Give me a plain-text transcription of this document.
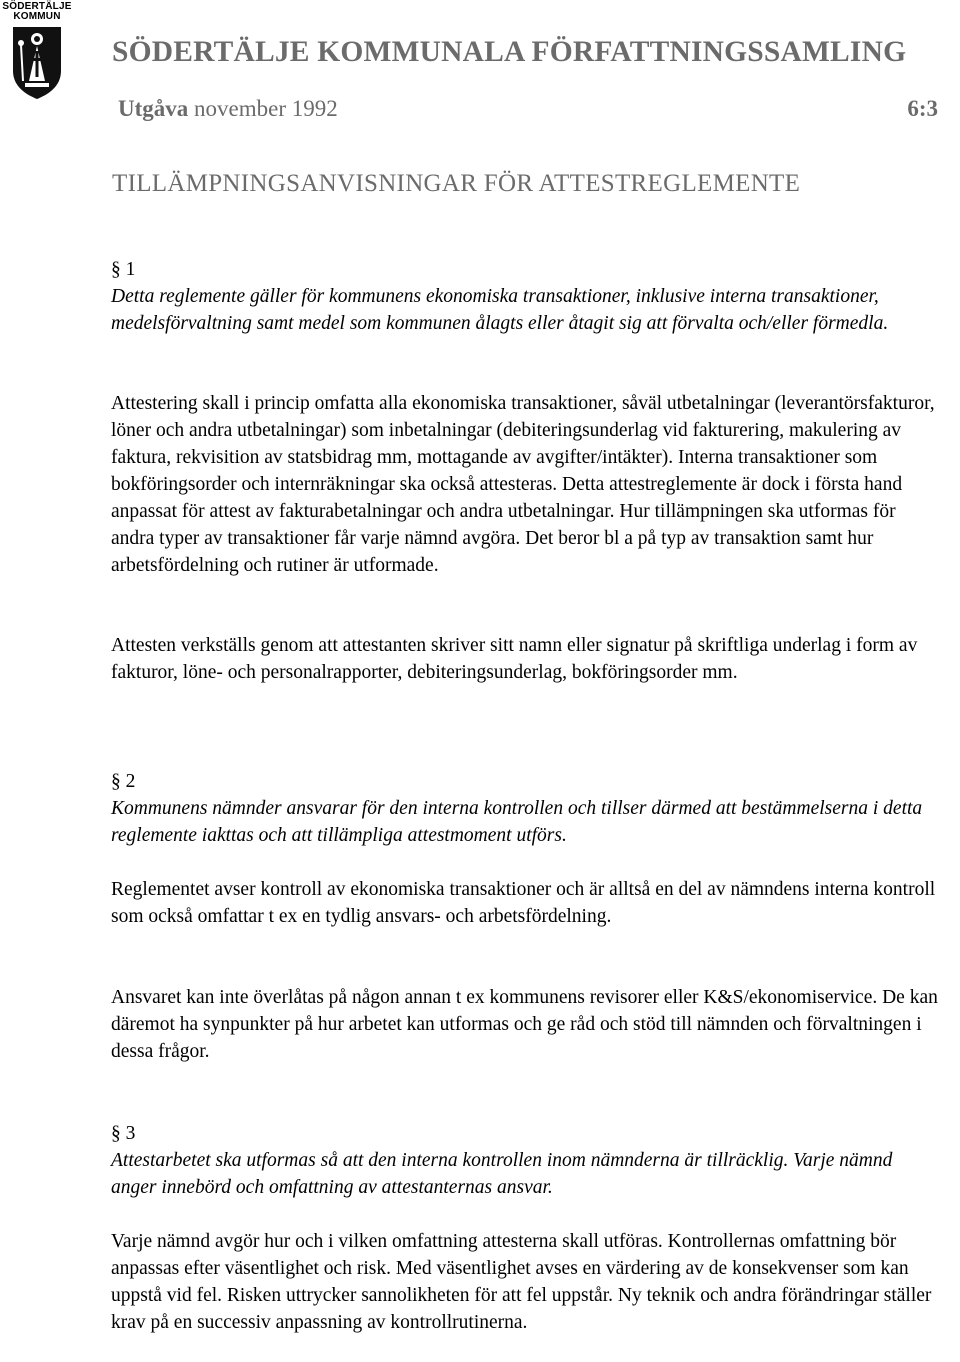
SÖDERTÄLJE
KOMMUN
SÖDERTÄLJE KOMMUNALA FÖRFATTNINGSSAMLING
Utgåva november 1992	6:3
TILLÄMPNINGSANVISNINGAR FÖR ATTESTREGLEMENTE

§ 1

Detta reglemente gäller för kommunens ekonomiska transaktioner, inklusive interna transaktioner, medelsförvaltning samt medel som kommunen ålagts eller åtagit sig att förvalta och/eller förmedla.

Attestering skall i princip omfatta alla ekonomiska transaktioner, såväl utbetalningar (leverantörsfakturor, löner och andra utbetalningar) som inbetalningar (debiteringsunderlag vid fakturering, makulering av faktura, rekvisition av statsbidrag mm, mottagande av avgifter/intäkter). Interna transaktioner som bokföringsorder och internräkningar ska också attesteras. Detta attestreglemente är dock i första hand anpassat för attest av fakturabetalningar och andra utbetalningar. Hur tillämpningen ska utformas för andra typer av transaktioner får varje nämnd avgöra. Det beror bl a på typ av transaktion samt hur arbetsfördelning och rutiner är utformade.

Attesten verkställs genom att attestanten skriver sitt namn eller signatur på skriftliga underlag i form av fakturor, löne- och personalrapporter, debiteringsunderlag, bokföringsorder mm.

§ 2

Kommunens nämnder ansvarar för den interna kontrollen och tillser därmed att bestämmelserna i detta reglemente iakttas och att tillämpliga attestmoment utförs.

Reglementet avser kontroll av ekonomiska transaktioner och är alltså en del av nämndens interna kontroll som också omfattar t ex en tydlig ansvars- och arbetsfördelning.

Ansvaret kan inte överlåtas på någon annan t ex kommunens revisorer eller K&S/ekonomiservice. De kan däremot ha synpunkter på hur arbetet kan utformas och ge råd och stöd till nämnden och förvaltningen i dessa frågor.

§ 3

Attestarbetet ska utformas så att den interna kontrollen inom nämnderna är tillräcklig. Varje nämnd anger innebörd och omfattning av attestanternas ansvar.

Varje nämnd avgör hur och i vilken omfattning attesterna skall utföras. Kontrollernas omfattning bör anpassas efter väsentlighet och risk. Med väsentlighet avses en värdering av de konsekvenser som kan uppstå vid fel. Risken uttrycker sannolikheten för att fel uppstår. Ny teknik och andra förändringar ställer krav på en successiv anpassning av kontrollrutinerna.
